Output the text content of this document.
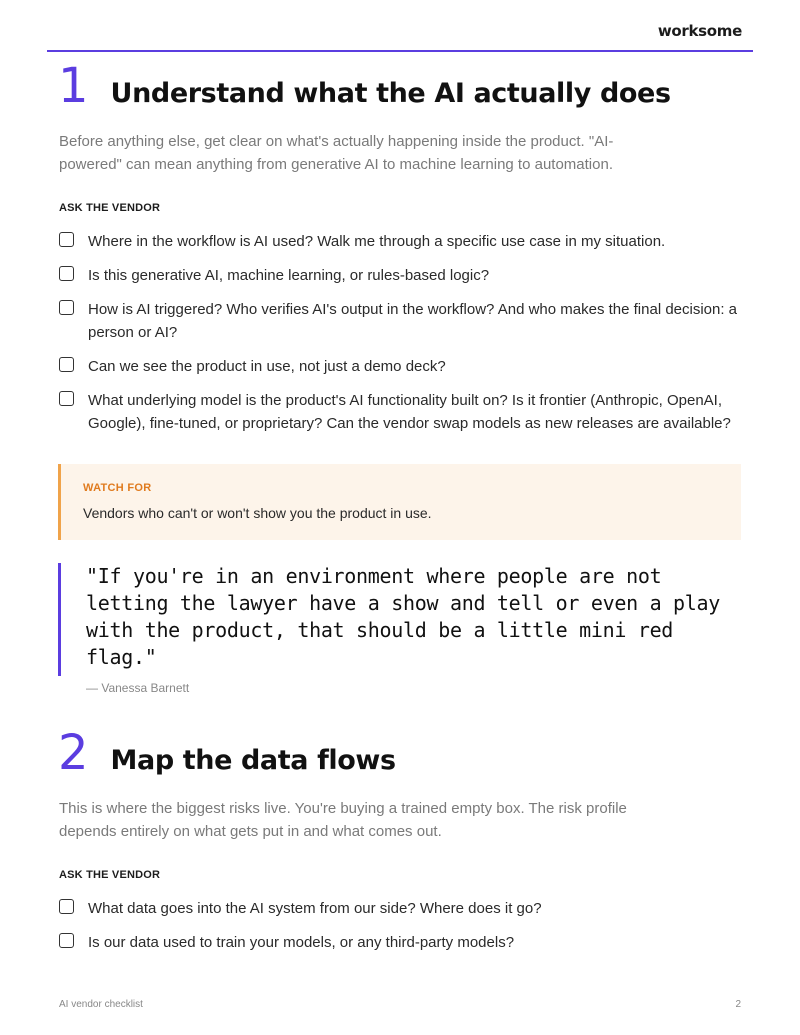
worksome
1 Understand what the AI actually does

Before anything else, get clear on what's actually happening inside the product. "AI-powered" can mean anything from generative AI to machine learning to automation.

ASK THE VENDOR
Where in the workflow is AI used? Walk me through a specific use case in my situation.
Is this generative AI, machine learning, or rules-based logic?
How is AI triggered? Who verifies AI's output in the workflow? And who makes the final decision: a person or AI?
Can we see the product in use, not just a demo deck?
What underlying model is the product's AI functionality built on? Is it frontier (Anthropic, OpenAI, Google), fine-tuned, or proprietary? Can the vendor swap models as new releases are available?
WATCH FOR
Vendors who can't or won't show you the product in use.
"If you're in an environment where people are not letting the lawyer have a show and tell or even a play with the product, that should be a little mini red flag."
— Vanessa Barnett
2 Map the data flows

This is where the biggest risks live. You're buying a trained empty box. The risk profile depends entirely on what gets put in and what comes out.

ASK THE VENDOR
What data goes into the AI system from our side? Where does it go?
Is our data used to train your models, or any third-party models?
AI vendor checklist	2
